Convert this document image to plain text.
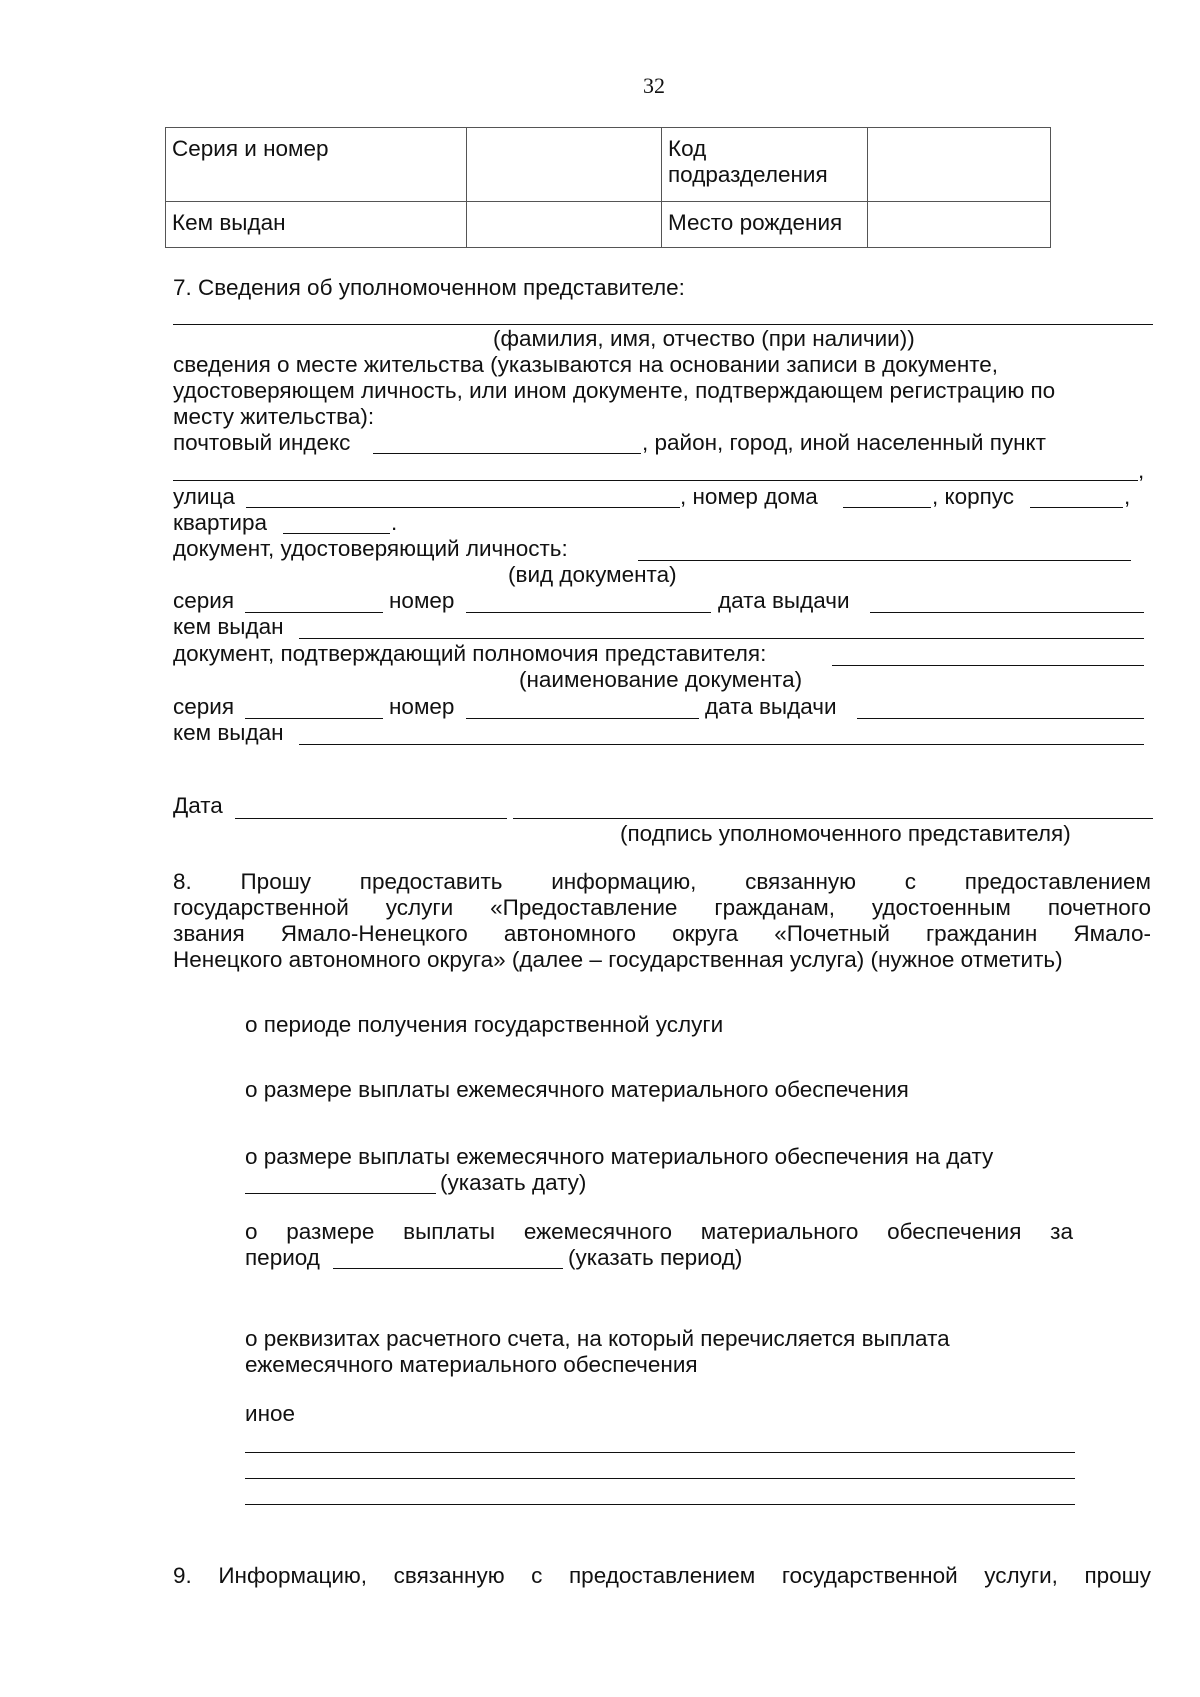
32
Серия и номер		Код
подразделения	

Кем выдан		Место рождения	
7. Сведения об уполномоченном представителе:
(фамилия, имя, отчество (при наличии))
сведения о месте жительства (указываются на основании записи в документе,
удостоверяющем личность, или ином документе, подтверждающем регистрацию по
месту жительства):
почтовый индекс	, район, город, иной населенный пункт
,
улица	, номер дома	, корпус	,
квартира	.
документ, удостоверяющий личность:
(вид документа)
серия	номер	дата выдачи
кем выдан
документ, подтверждающий полномочия представителя:
(наименование документа)
серия	номер	дата выдачи
кем выдан
Дата
(подпись уполномоченного представителя)
8. Прошу предоставить информацию, связанную с предоставлением
государственной услуги «Предоставление гражданам, удостоенным почетного
звания Ямало-Ненецкого автономного округа «Почетный гражданин Ямало-
Ненецкого автономного округа» (далее – государственная услуга) (нужное отметить)
о периоде получения государственной услуги
о размере выплаты ежемесячного материального обеспечения
о размере выплаты ежемесячного материального обеспечения на дату
(указать дату)
о размере выплаты ежемесячного материального обеспечения за
период	(указать период)
о реквизитах расчетного счета, на который перечисляется выплата
ежемесячного материального обеспечения
иное
9. Информацию, связанную с предоставлением государственной услуги, прошу
